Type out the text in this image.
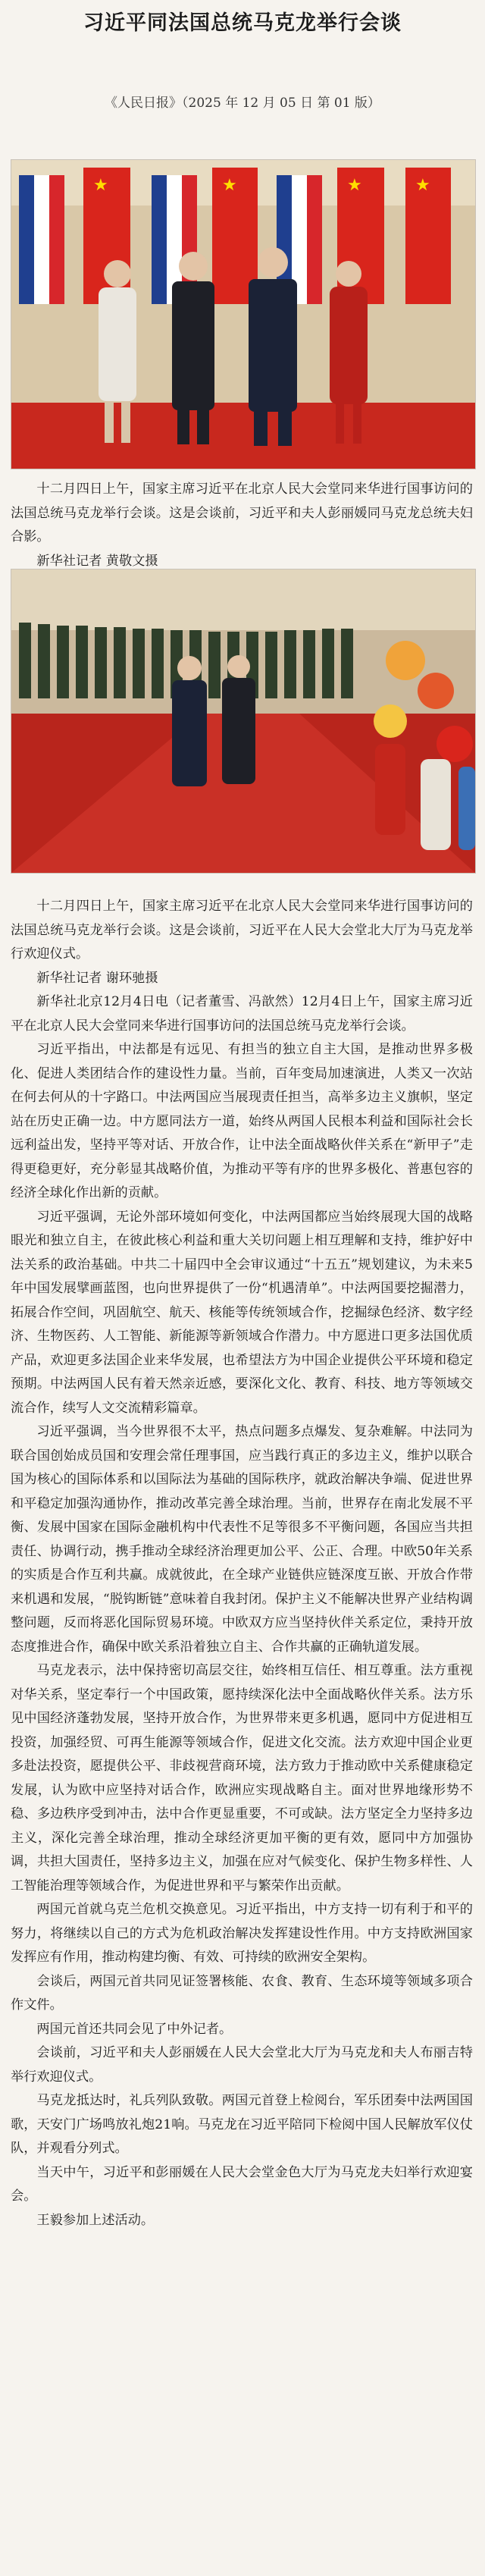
习近平同法国总统马克龙举行会谈
《人民日报》（2025 年 12 月 05 日 第 01 版）
★	★	★	★

十二月四日上午，国家主席习近平在北京人民大会堂同来华进行国事访问的法国总统马克龙举行会谈。这是会谈前，习近平和夫人彭丽媛同马克龙总统夫妇合影。

新华社记者 黄敬文摄

十二月四日上午，国家主席习近平在北京人民大会堂同来华进行国事访问的法国总统马克龙举行会谈。这是会谈前，习近平在人民大会堂北大厅为马克龙举行欢迎仪式。

新华社记者 谢环驰摄

新华社北京12月4日电（记者董雪、冯歆然）12月4日上午，国家主席习近平在北京人民大会堂同来华进行国事访问的法国总统马克龙举行会谈。

习近平指出，中法都是有远见、有担当的独立自主大国，是推动世界多极化、促进人类团结合作的建设性力量。当前，百年变局加速演进，人类又一次站在何去何从的十字路口。中法两国应当展现责任担当，高举多边主义旗帜，坚定站在历史正确一边。中方愿同法方一道，始终从两国人民根本利益和国际社会长远利益出发，坚持平等对话、开放合作，让中法全面战略伙伴关系在“新甲子”走得更稳更好，充分彰显其战略价值，为推动平等有序的世界多极化、普惠包容的经济全球化作出新的贡献。

习近平强调，无论外部环境如何变化，中法两国都应当始终展现大国的战略眼光和独立自主，在彼此核心利益和重大关切问题上相互理解和支持，维护好中法关系的政治基础。中共二十届四中全会审议通过“十五五”规划建议，为未来5年中国发展擘画蓝图，也向世界提供了一份“机遇清单”。中法两国要挖掘潜力，拓展合作空间，巩固航空、航天、核能等传统领域合作，挖掘绿色经济、数字经济、生物医药、人工智能、新能源等新领域合作潜力。中方愿进口更多法国优质产品，欢迎更多法国企业来华发展，也希望法方为中国企业提供公平环境和稳定预期。中法两国人民有着天然亲近感，要深化文化、教育、科技、地方等领域交流合作，续写人文交流精彩篇章。

习近平强调，当今世界很不太平，热点问题多点爆发、复杂难解。中法同为联合国创始成员国和安理会常任理事国，应当践行真正的多边主义，维护以联合国为核心的国际体系和以国际法为基础的国际秩序，就政治解决争端、促进世界和平稳定加强沟通协作，推动改革完善全球治理。当前，世界存在南北发展不平衡、发展中国家在国际金融机构中代表性不足等很多不平衡问题，各国应当共担责任、协调行动，携手推动全球经济治理更加公平、公正、合理。中欧50年关系的实质是合作互利共赢。成就彼此，在全球产业链供应链深度互嵌、开放合作带来机遇和发展，“脱钩断链”意味着自我封闭。保护主义不能解决世界产业结构调整问题，反而将恶化国际贸易环境。中欧双方应当坚持伙伴关系定位，秉持开放态度推进合作，确保中欧关系沿着独立自主、合作共赢的正确轨道发展。

马克龙表示，法中保持密切高层交往，始终相互信任、相互尊重。法方重视对华关系，坚定奉行一个中国政策，愿持续深化法中全面战略伙伴关系。法方乐见中国经济蓬勃发展，坚持开放合作，为世界带来更多机遇，愿同中方促进相互投资，加强经贸、可再生能源等领域合作，促进文化交流。法方欢迎中国企业更多赴法投资，愿提供公平、非歧视营商环境，法方致力于推动欧中关系健康稳定发展，认为欧中应坚持对话合作，欧洲应实现战略自主。面对世界地缘形势不稳、多边秩序受到冲击，法中合作更显重要，不可或缺。法方坚定全力坚持多边主义，深化完善全球治理，推动全球经济更加平衡的更有效，愿同中方加强协调，共担大国责任，坚持多边主义，加强在应对气候变化、保护生物多样性、人工智能治理等领域合作，为促进世界和平与繁荣作出贡献。

两国元首就乌克兰危机交换意见。习近平指出，中方支持一切有利于和平的努力，将继续以自己的方式为危机政治解决发挥建设性作用。中方支持欧洲国家发挥应有作用，推动构建均衡、有效、可持续的欧洲安全架构。

会谈后，两国元首共同见证签署核能、农食、教育、生态环境等领域多项合作文件。

两国元首还共同会见了中外记者。

会谈前，习近平和夫人彭丽媛在人民大会堂北大厅为马克龙和夫人布丽吉特举行欢迎仪式。

马克龙抵达时，礼兵列队致敬。两国元首登上检阅台，军乐团奏中法两国国歌，天安门广场鸣放礼炮21响。马克龙在习近平陪同下检阅中国人民解放军仪仗队，并观看分列式。

当天中午，习近平和彭丽媛在人民大会堂金色大厅为马克龙夫妇举行欢迎宴会。

王毅参加上述活动。
